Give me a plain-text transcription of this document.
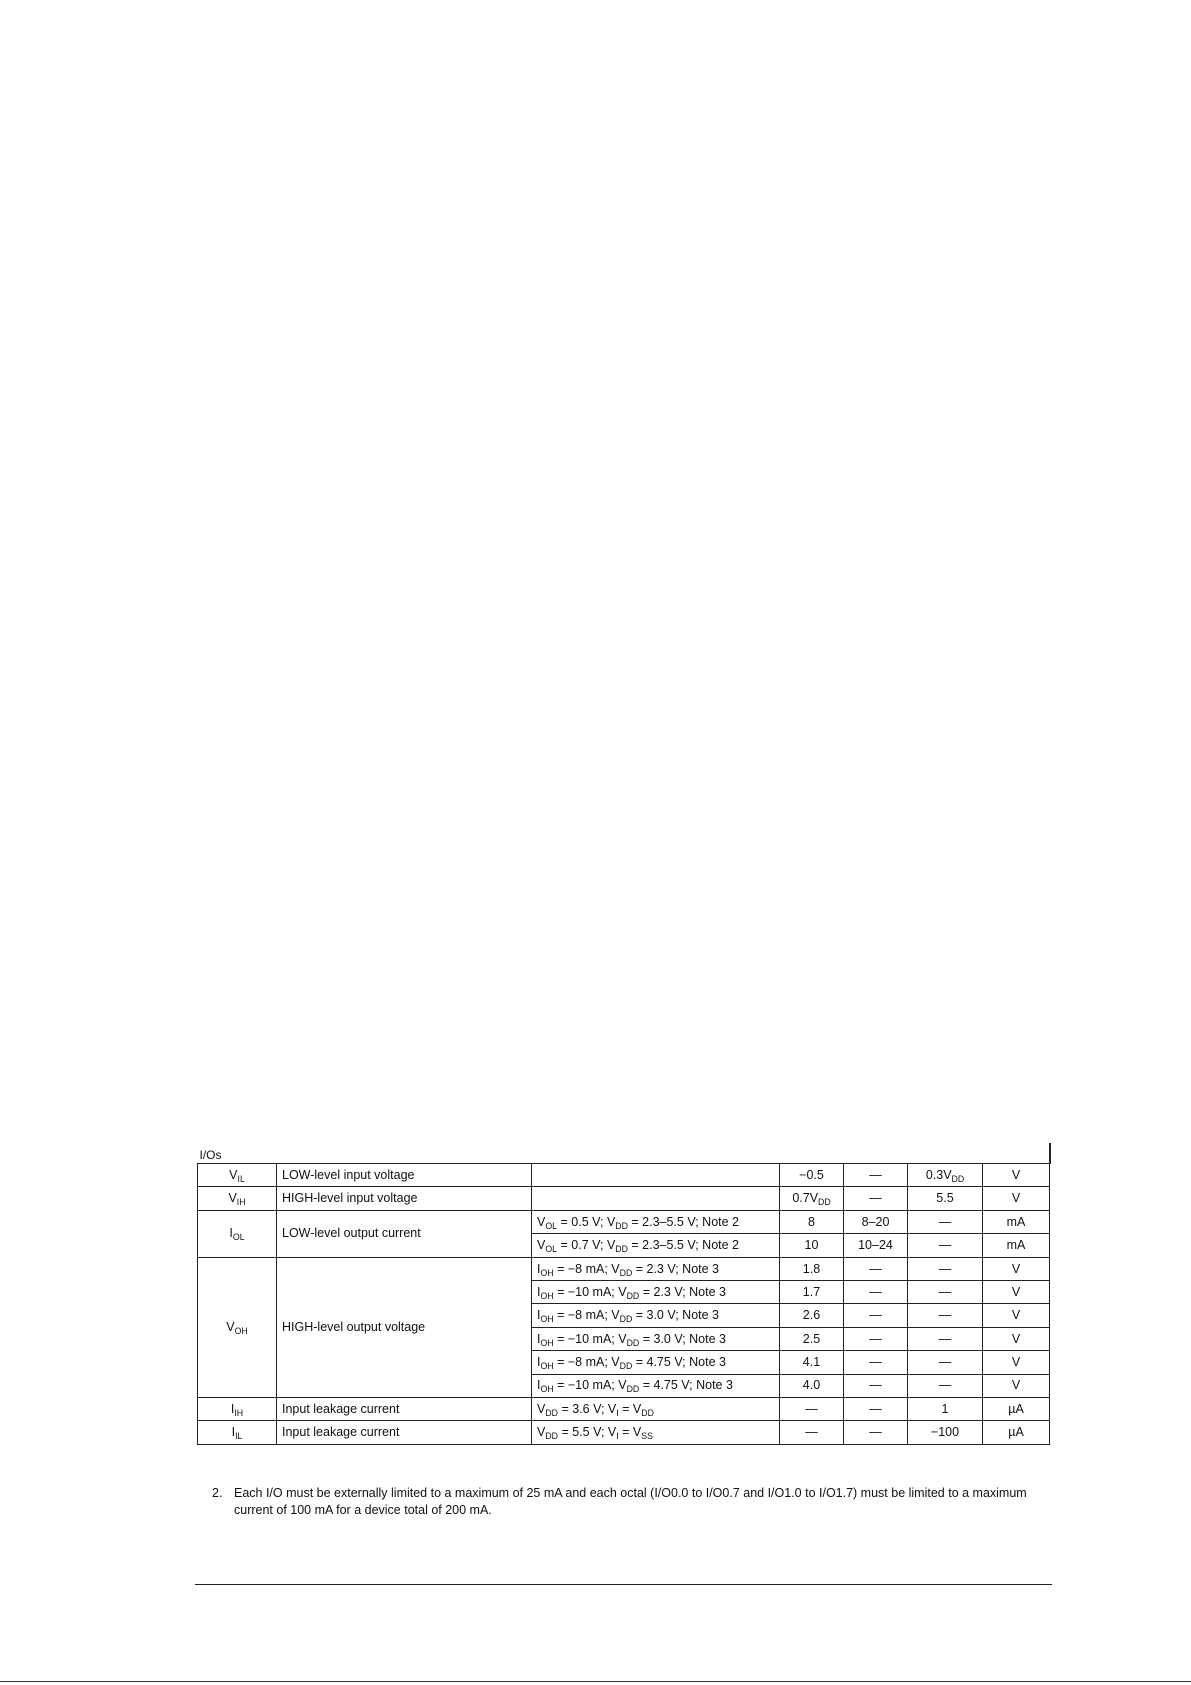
I/Os						
$V_{IL}$	LOW-level input voltage		−0.5	—	$0.3V_{DD}$	V
$V_{IH}$	HIGH-level input voltage		$0.7V_{DD}$	—	5.5	V
$I_{OL}$	LOW-level output current	$V_{OL} = 0.5$ V; $V_{DD} = 2.3-5.5$ V; Note 2	8	8–20	—	mA
		$V_{OL} = 0.7$ V; $V_{DD} = 2.3-5.5$ V; Note 2	10	10–24	—	mA
$V_{OH}$	HIGH-level output voltage	$I_{OH} = -8$ mA; $V_{DD} = 2.3$ V; Note 3	1.8	—	—	V
		$I_{OH} = -10$ mA; $V_{DD} = 2.3$ V; Note 3	1.7	—	—	V
		$I_{OH} = -8$ mA; $V_{DD} = 3.0$ V; Note 3	2.6	—	—	V
		$I_{OH} = -10$ mA; $V_{DD} = 3.0$ V; Note 3	2.5	—	—	V
		$I_{OH} = -8$ mA; $V_{DD} = 4.75$ V; Note 3	4.1	—	—	V
		$I_{OH} = -10$ mA; $V_{DD} = 4.75$ V; Note 3	4.0	—	—	V
$I_{IH}$	Input leakage current	$V_{DD} = 3.6$ V; $V_I = V_{DD}$	—	—	1	µA
$I_{IL}$	Input leakage current	$V_{DD} = 5.5$ V; $V_I = V_{SS}$	—	—	−100	µA
2. Each I/O must be externally limited to a maximum of 25 mA and each octal (I/O0.0 to I/O0.7 and I/O1.0 to I/O1.7) must be limited to a maximum current of 100 mA for a device total of 200 mA.
